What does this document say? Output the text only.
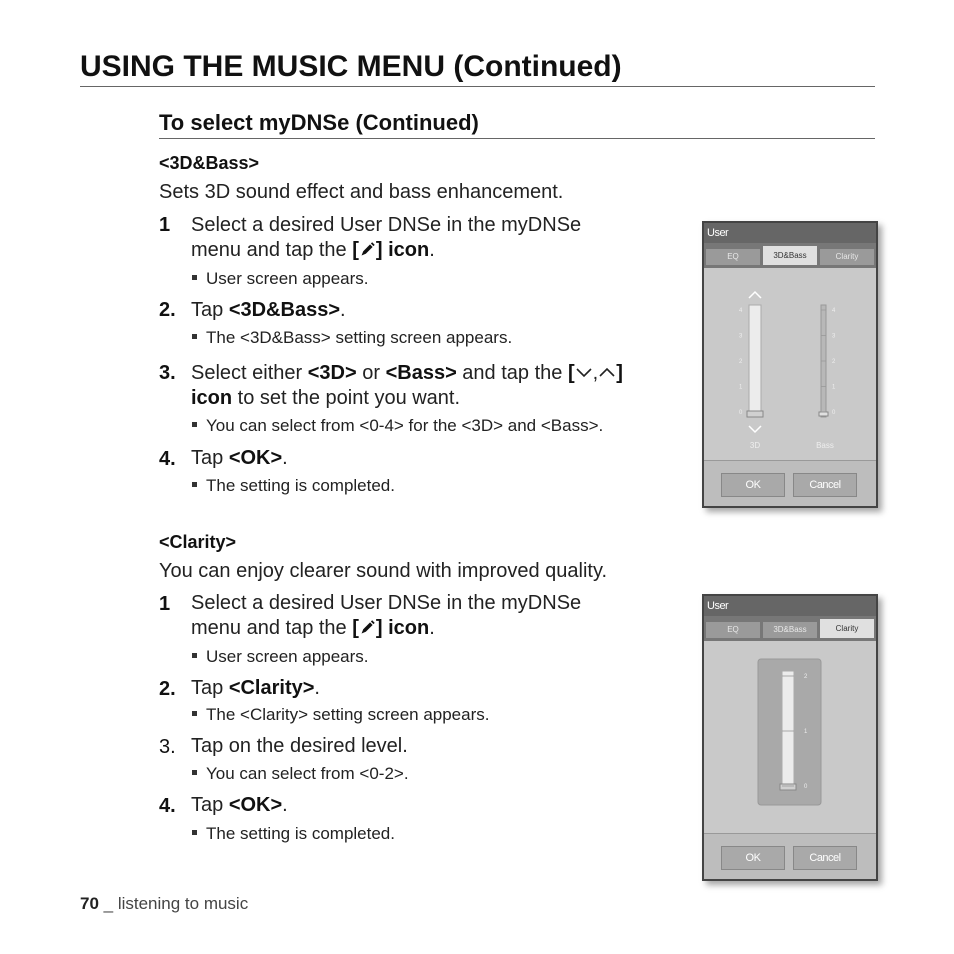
USING THE MUSIC MENU (Continued)
To select myDNSe (Continued)
<3D&Bass>
Sets 3D sound effect and bass enhancement.
1 Select a desired User DNSe in the myDNSe
menu and tap the [ ] icon.
User screen appears.
2. Tap <3D&Bass>.
The <3D&Bass> setting screen appears.
3. Select either <3D> or <Bass> and tap the [ , ]
icon to set the point you want.
You can select from <0-4> for the <3D> and <Bass>.
4. Tap <OK>.
The setting is completed.
<Clarity>
You can enjoy clearer sound with improved quality.
1 Select a desired User DNSe in the myDNSe
menu and tap the [ ] icon.
User screen appears.
2. Tap <Clarity>.
The <Clarity> setting screen appears.
3. Tap on the desired level.
You can select from <0-2>.
4. Tap <OK>.
The setting is completed.
User
EQ	3D&Bass	Clarity
4
3
2
1
0
3D
4
3
2
1
0
Bass
OK	Cancel
User
EQ	3D&Bass	Clarity
2
1
0
OK	Cancel
70 _ listening to music
